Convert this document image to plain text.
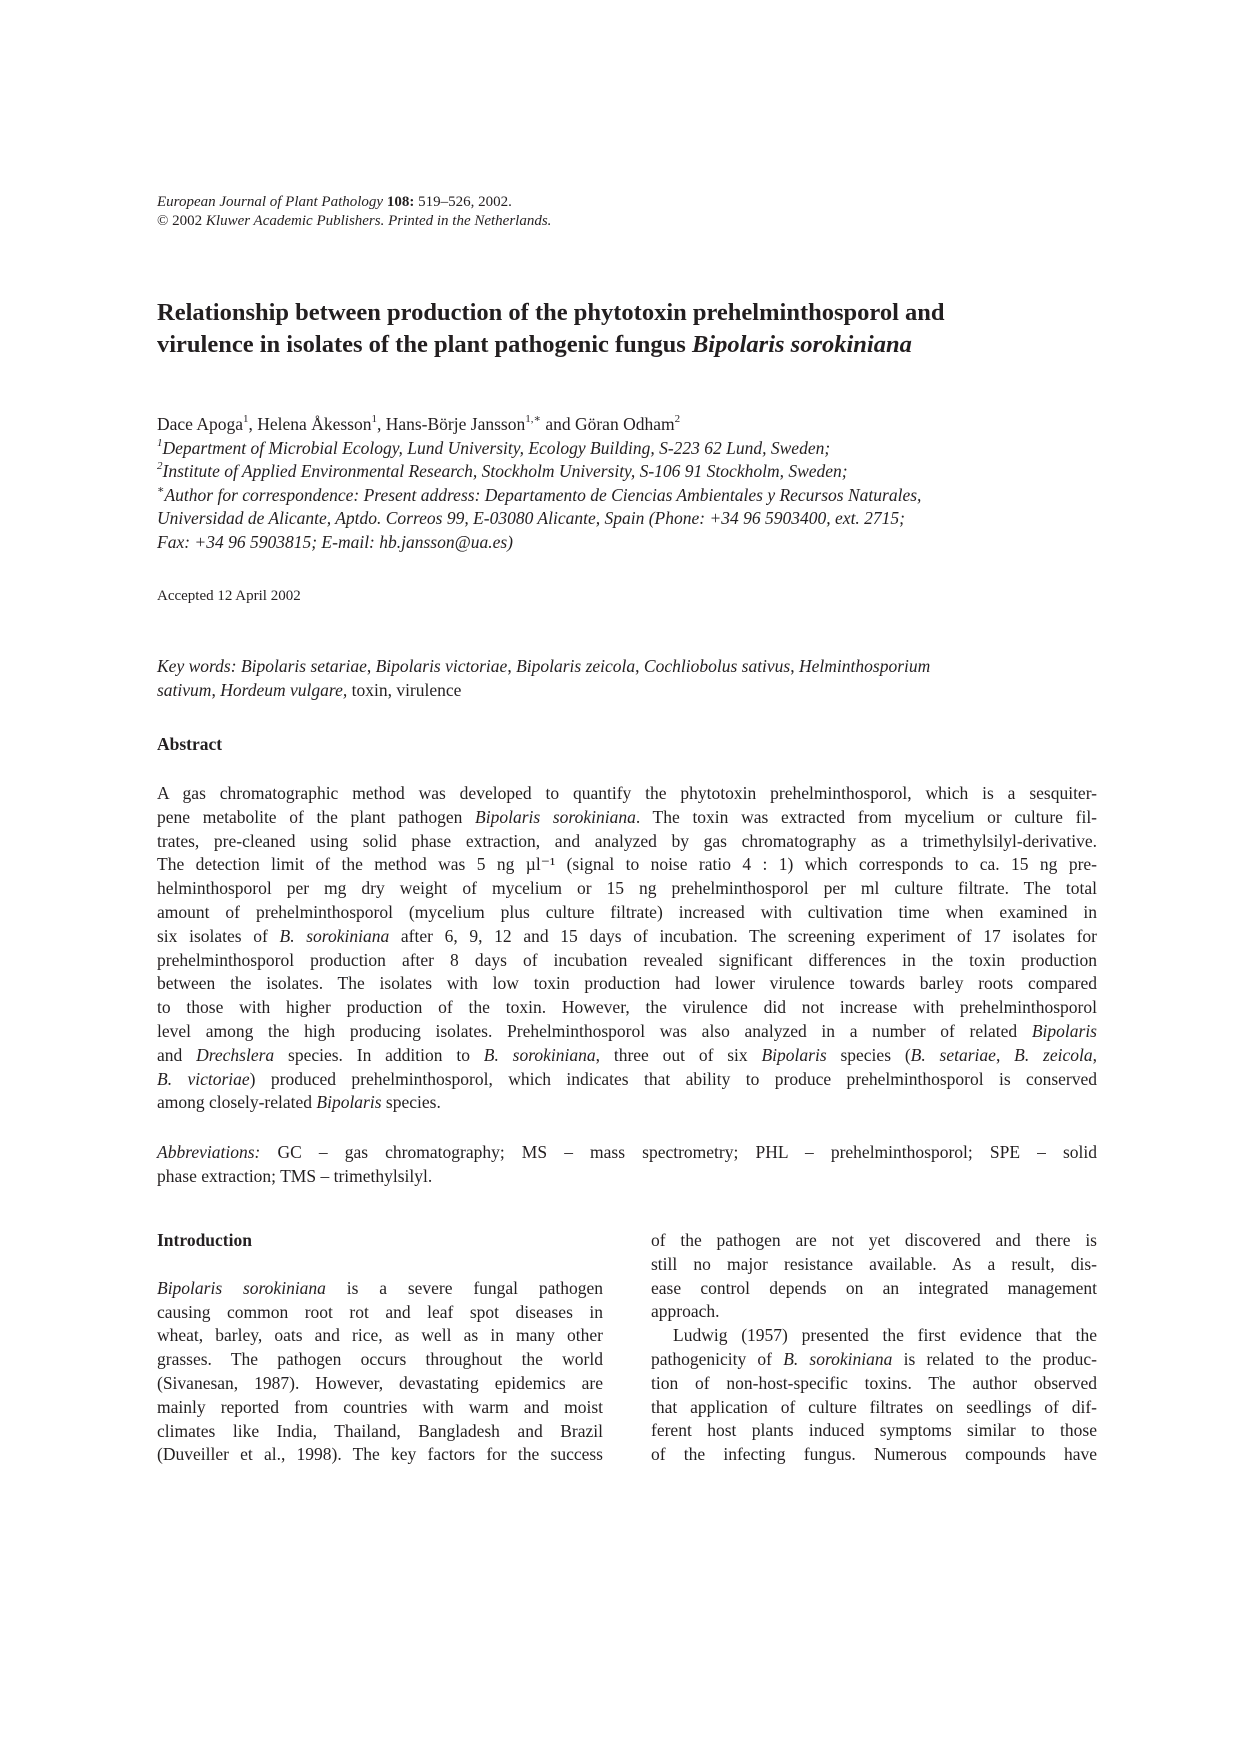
European Journal of Plant Pathology 108: 519–526, 2002.
© 2002 Kluwer Academic Publishers. Printed in the Netherlands.
Relationship between production of the phytotoxin prehelminthosporol and
virulence in isolates of the plant pathogenic fungus Bipolaris sorokiniana
Dace Apoga$^1$, Helena Åkesson$^1$, Hans-Börje Jansson$^{1,∗}$ and Göran Odham$^2$
$^1$Department of Microbial Ecology, Lund University, Ecology Building, S-223 62 Lund, Sweden;
$^2$Institute of Applied Environmental Research, Stockholm University, S-106 91 Stockholm, Sweden;
∗Author for correspondence: Present address: Departamento de Ciencias Ambientales y Recursos Naturales,
Universidad de Alicante, Aptdo. Correos 99, E-03080 Alicante, Spain (Phone: +34 96 5903400, ext. 2715;
Fax: +34 96 5903815; E-mail: hb.jansson@ua.es)
Accepted 12 April 2002
Key words: Bipolaris setariae, Bipolaris victoriae, Bipolaris zeicola, Cochliobolus sativus, Helminthosporium
sativum, Hordeum vulgare, toxin, virulence
Abstract
A gas chromatographic method was developed to quantify the phytotoxin prehelminthosporol, which is a sesquiter-
pene metabolite of the plant pathogen Bipolaris sorokiniana. The toxin was extracted from mycelium or culture fil-
trates, pre-cleaned using solid phase extraction, and analyzed by gas chromatography as a trimethylsilyl-derivative.
The detection limit of the method was 5 ng µl⁻¹ (signal to noise ratio 4 : 1) which corresponds to ca. 15 ng pre-
helminthosporol per mg dry weight of mycelium or 15 ng prehelminthosporol per ml culture filtrate. The total
amount of prehelminthosporol (mycelium plus culture filtrate) increased with cultivation time when examined in
six isolates of B. sorokiniana after 6, 9, 12 and 15 days of incubation. The screening experiment of 17 isolates for
prehelminthosporol production after 8 days of incubation revealed significant differences in the toxin production
between the isolates. The isolates with low toxin production had lower virulence towards barley roots compared
to those with higher production of the toxin. However, the virulence did not increase with prehelminthosporol
level among the high producing isolates. Prehelminthosporol was also analyzed in a number of related Bipolaris
and Drechslera species. In addition to B. sorokiniana, three out of six Bipolaris species (B. setariae, B. zeicola,
B. victoriae) produced prehelminthosporol, which indicates that ability to produce prehelminthosporol is conserved
among closely-related Bipolaris species.
Abbreviations: GC – gas chromatography; MS – mass spectrometry; PHL – prehelminthosporol; SPE – solid
phase extraction; TMS – trimethylsilyl.
Introduction
Bipolaris sorokiniana is a severe fungal pathogen
causing common root rot and leaf spot diseases in
wheat, barley, oats and rice, as well as in many other
grasses. The pathogen occurs throughout the world
(Sivanesan, 1987). However, devastating epidemics are
mainly reported from countries with warm and moist
climates like India, Thailand, Bangladesh and Brazil
(Duveiller et al., 1998). The key factors for the success
of the pathogen are not yet discovered and there is
still no major resistance available. As a result, dis-
ease control depends on an integrated management
approach.
Ludwig (1957) presented the first evidence that the
pathogenicity of B. sorokiniana is related to the produc-
tion of non-host-specific toxins. The author observed
that application of culture filtrates on seedlings of dif-
ferent host plants induced symptoms similar to those
of the infecting fungus. Numerous compounds have
